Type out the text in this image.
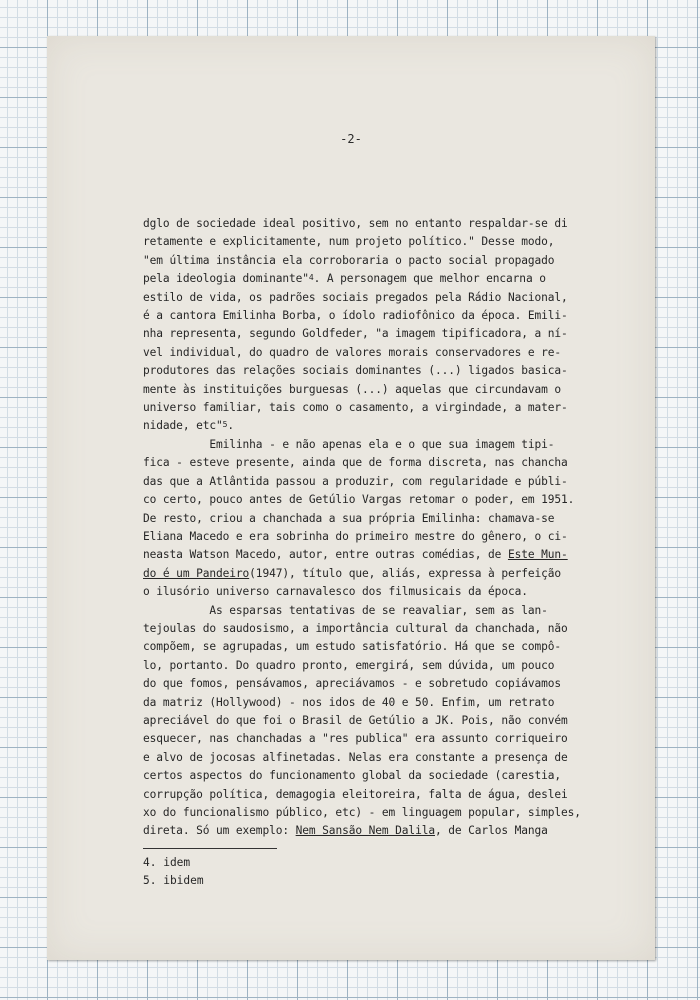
-2-
dglo de sociedade ideal positivo, sem no entanto respaldar-se di
retamente e explicitamente, num projeto político." Desse modo,
"em última instância ela corroboraria o pacto social propagado
pela ideologia dominante"$^4$. A personagem que melhor encarna o
estilo de vida, os padrões sociais pregados pela Rádio Nacional,
é a cantora Emilinha Borba, o ídolo radiofônico da época. Emili-
nha representa, segundo Goldfeder, "a imagem tipificadora, a ní-
vel individual, do quadro de valores morais conservadores e re-
produtores das relações sociais dominantes (...) ligados basica-
mente às instituições burguesas (...) aquelas que circundavam o
universo familiar, tais como o casamento, a virgindade, a mater-
nidade, etc"$^5$.
Emilinha - e não apenas ela e o que sua imagem tipi-
fica - esteve presente, ainda que de forma discreta, nas chancha
das que a Atlântida passou a produzir, com regularidade e públi-
co certo, pouco antes de Getúlio Vargas retomar o poder, em 1951.
De resto, criou a chanchada a sua própria Emilinha: chamava-se
Eliana Macedo e era sobrinha do primeiro mestre do gênero, o ci-
neasta Watson Macedo, autor, entre outras comédias, de Este Mun-
do é um Pandeiro(1947), título que, aliás, expressa à perfeição
o ilusório universo carnavalesco dos filmusicais da época.
As esparsas tentativas de se reavaliar, sem as lan-
tejoulas do saudosismo, a importância cultural da chanchada, não
compõem, se agrupadas, um estudo satisfatório. Há que se compô-
lo, portanto. Do quadro pronto, emergirá, sem dúvida, um pouco
do que fomos, pensávamos, apreciávamos - e sobretudo copiávamos
da matriz (Hollywood) - nos idos de 40 e 50. Enfim, um retrato
apreciável do que foi o Brasil de Getúlio a JK. Pois, não convém
esquecer, nas chanchadas a "res publica" era assunto corriqueiro
e alvo de jocosas alfinetadas. Nelas era constante a presença de
certos aspectos do funcionamento global da sociedade (carestia,
corrupção política, demagogia eleitoreira, falta de água, deslei
xo do funcionalismo público, etc) - em linguagem popular, simples,
direta. Só um exemplo: Nem Sansão Nem Dalila, de Carlos Manga
4. idem
5. ibidem
